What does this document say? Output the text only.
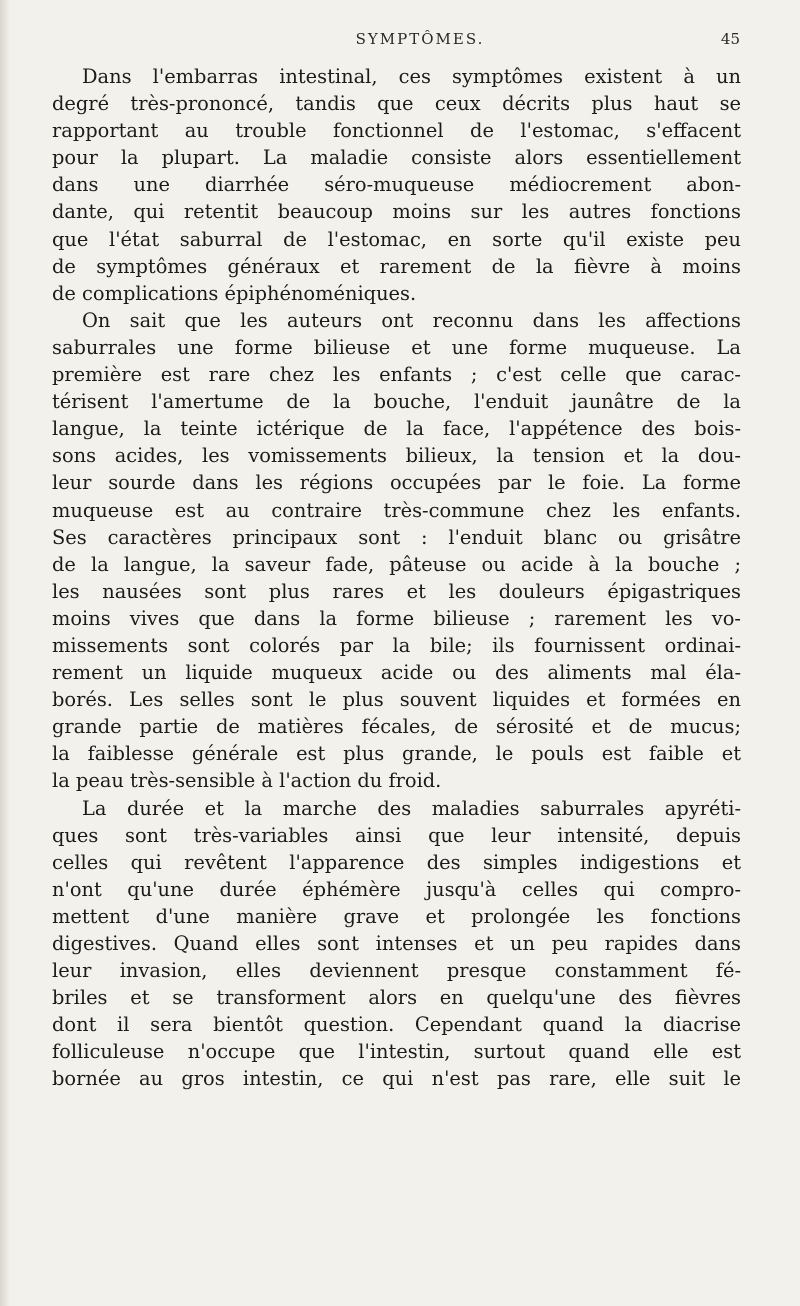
SYMPTÔMES.	45
Dans l'embarras intestinal, ces symptômes existent à un
degré très-prononcé, tandis que ceux décrits plus haut se
rapportant au trouble fonctionnel de l'estomac, s'effacent
pour la plupart. La maladie consiste alors essentiellement
dans une diarrhée séro-muqueuse médiocrement abon-
dante, qui retentit beaucoup moins sur les autres fonctions
que l'état saburral de l'estomac, en sorte qu'il existe peu
de symptômes généraux et rarement de la fièvre à moins
de complications épiphénoméniques.
On sait que les auteurs ont reconnu dans les affections
saburrales une forme bilieuse et une forme muqueuse. La
première est rare chez les enfants ; c'est celle que carac-
térisent l'amertume de la bouche, l'enduit jaunâtre de la
langue, la teinte ictérique de la face, l'appétence des bois-
sons acides, les vomissements bilieux, la tension et la dou-
leur sourde dans les régions occupées par le foie. La forme
muqueuse est au contraire très-commune chez les enfants.
Ses caractères principaux sont : l'enduit blanc ou grisâtre
de la langue, la saveur fade, pâteuse ou acide à la bouche ;
les nausées sont plus rares et les douleurs épigastriques
moins vives que dans la forme bilieuse ; rarement les vo-
missements sont colorés par la bile; ils fournissent ordinai-
rement un liquide muqueux acide ou des aliments mal éla-
borés. Les selles sont le plus souvent liquides et formées en
grande partie de matières fécales, de sérosité et de mucus;
la faiblesse générale est plus grande, le pouls est faible et
la peau très-sensible à l'action du froid.
La durée et la marche des maladies saburrales apyréti-
ques sont très-variables ainsi que leur intensité, depuis
celles qui revêtent l'apparence des simples indigestions et
n'ont qu'une durée éphémère jusqu'à celles qui compro-
mettent d'une manière grave et prolongée les fonctions
digestives. Quand elles sont intenses et un peu rapides dans
leur invasion, elles deviennent presque constamment fé-
briles et se transforment alors en quelqu'une des fièvres
dont il sera bientôt question. Cependant quand la diacrise
folliculeuse n'occupe que l'intestin, surtout quand elle est
bornée au gros intestin, ce qui n'est pas rare, elle suit le
